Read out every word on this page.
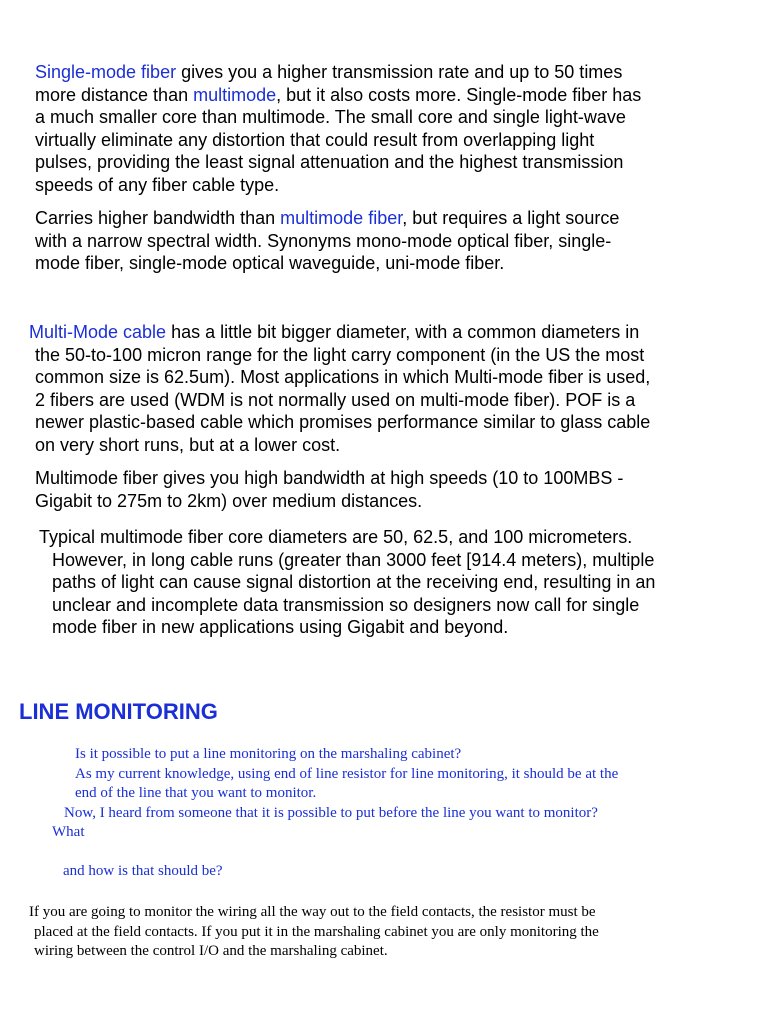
Single-mode fiber gives you a higher transmission rate and up to 50 times
more distance than multimode, but it also costs more. Single-mode fiber has
a much smaller core than multimode. The small core and single light-wave
virtually eliminate any distortion that could result from overlapping light
pulses, providing the least signal attenuation and the highest transmission
speeds of any fiber cable type.
Carries higher bandwidth than multimode fiber, but requires a light source
with a narrow spectral width. Synonyms mono-mode optical fiber, single-
mode fiber, single-mode optical waveguide, uni-mode fiber.
Multi-Mode cable has a little bit bigger diameter, with a common diameters in
the 50-to-100 micron range for the light carry component (in the US the most
common size is 62.5um). Most applications in which Multi-mode fiber is used,
2 fibers are used (WDM is not normally used on multi-mode fiber). POF is a
newer plastic-based cable which promises performance similar to glass cable
on very short runs, but at a lower cost.
Multimode fiber gives you high bandwidth at high speeds (10 to 100MBS -
Gigabit to 275m to 2km) over medium distances.
Typical multimode fiber core diameters are 50, 62.5, and 100 micrometers.
However, in long cable runs (greater than 3000 feet [914.4 meters), multiple
paths of light can cause signal distortion at the receiving end, resulting in an
unclear and incomplete data transmission so designers now call for single
mode fiber in new applications using Gigabit and beyond.
LINE MONITORING
Is it possible to put a line monitoring on the marshaling cabinet?
As my current knowledge, using end of line resistor for line monitoring, it should be at the
end of the line that you want to monitor.
Now, I heard from someone that it is possible to put before the line you want to monitor?
What
and how is that should be?
If you are going to monitor the wiring all the way out to the field contacts, the resistor must be
placed at the field contacts. If you put it in the marshaling cabinet you are only monitoring the
wiring between the control I/O and the marshaling cabinet.
